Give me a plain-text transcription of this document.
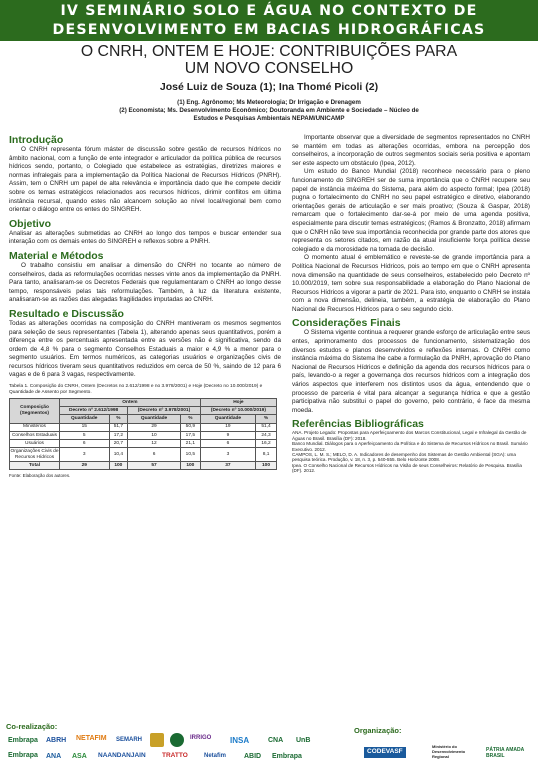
IV SEMINÁRIO SOLO E ÁGUA NO CONTEXTO DE
DESENVOLVIMENTO EM BACIAS HIDROGRÁFICAS
O CNRH, ONTEM E HOJE: CONTRIBUIÇÕES PARA
UM NOVO CONSELHO
José Luiz de Souza (1); Ina Thomé Picoli (2)
(1) Eng. Agrônomo; Ms Meteorologia; Dr Irrigação e Drenagem
(2) Economista; Ms. Desenvolvimento Econômico; Doutoranda em Ambiente e Sociedade – Núcleo de
Estudos e Pesquisas Ambientais NEPAM/UNICAMP
Introdução

O CNRH representa fórum máster de discussão sobre gestão de recursos hídricos no âmbito nacional, com a função de ente integrador e articulador da política pública de recursos hídricos sendo, portanto, o Colegiado que estabelece as estratégias, diretrizes maiores e normas infralegais para a implementação da Política Nacional de Recursos Hídricos (PNRH). Assim, tem o CNRH um papel de alta relevância e importância dado que lhe compete decidir sobre os temas estratégicos relacionados aos recursos hídricos, dirimir conflitos em última instância recursal, quando estes não alcancem solução ao nível local/regional bem como orientar o diálogo entre os entes do SINGREH.

Objetivo

Analisar as alterações submetidas ao CNRH ao longo dos tempos e buscar entender sua interação com os demais entes do SINGREH e reflexos sobre a PNRH.

Material e Métodos

O trabalho consistiu em analisar a dimensão do CNRH no tocante ao número de conselheiros, dada as reformulações ocorridas nesses vinte anos da implementação da PNRH. Para tanto, analisaram-se os Decretos Federais que regulamentaram o CNRH ao longo desse tempo, responsáveis pelas tais reformulações. Também, à luz da literatura existente, analisaram-se as razões das alegadas fragilidades imputadas ao CNRH.

Resultado e Discussão

Todas as alterações ocorridas na composição do CNRH mantiveram os mesmos segmentos para seleção de seus representantes (Tabela 1), alterando apenas seus quantitativos, porém a diferença entre os percentuais apresentada entre as versões não é significativa, sendo da ordem de 4,8 % para o segmento Conselhos Estaduais a maior e 4,9 % a menor para o segmento usuários. Em termos numéricos, as categorias usuários e organizações civis de recursos hídricos tiveram seus quantitativos reduzidos em cerca de 50 %, saindo de 12 para 6 vagas e de 6 para 3 vagas, respectivamente.

Tabela 1. Composição do CNRH, Ontem (Decretos no 2.612/1998 e no 3.978/2001) e Hoje (Decreto no 10.000/2019) e Quantidade de Assento por Segmento.
Composição (Segmentos)	Ontem				Hoje	
	Decreto nº 2.612/1998		(Decreto nº 3.978/2001)		(Decreto nº 10.000/2019)	
	Quantidade	%	Quantidade	%	Quantidade	%
Ministérios	15	51,7	29	50,9	19	51,4
Conselhos Estaduais	5	17,2	10	17,5	9	24,3
Usuários	6	20,7	12	21,1	6	16,2
Organizações Civis de Recursos Hídricos	3	10,4	6	10,5	3	8,1
Total	29	100	57	100	37	100
Fonte: Elaboração dos autores.

Importante observar que a diversidade de segmentos representados no CNRH se mantém em todas as alterações ocorridas, embora na percepção dos conselheiros, a incorporação de outros segmentos sociais seria positiva e apontam ser este aspecto um obstáculo (Ipea, 2012).

Um estudo do Banco Mundial (2018) reconhece necessário para o pleno funcionamento do SINGREH ser de suma importância que o CNRH recupere seu papel de instância máxima do Sistema, para além do aspecto formal; Ipea (2018) pugna o fortalecimento do CNRH no seu papel estratégico e diretivo, elaborando orientações gerais de articulação e ser mais proativo; (Souza & Gaspar, 2018) remarcam que o fortalecimento dar-se-á por meio de uma agenda positiva, especialmente para discutir temas estratégicos; (Ramos & Bronzatto, 2018) afirmam que o CNRH não teve sua importância reconhecida por grande parte dos atores que representa os setores citados, em razão da atual insuficiente força política desse colegiado e da morosidade na tomada de decisão.

O momento atual é emblemático e reveste-se de grande importância para a Política Nacional de Recursos Hídricos, pois ao tempo em que o CNRH apresenta nova dimensão na quantidade de seus conselheiros, estabelecido pelo Decreto nº 10.000/2019, tem sobre sua responsabilidade a elaboração do Plano Nacional de Recursos Hídricos a vigorar a partir de 2021. Para isto, enquanto o CNRH se instala com a nova dimensão, delineia, também, a estratégia de elaboração do Plano Nacional de Recursos Hídricos para o seu segundo ciclo.

Considerações Finais

O Sistema vigente continua a requerer grande esforço de articulação entre seus entes, aprimoramento dos processos de funcionamento, sistematização dos diversos estudos e planos desenvolvidos e reflexões internas. O CNRH como instância máxima do Sistema lhe cabe a formulação da PNRH, aprovação do Plano Nacional de Recursos Hídricos e definição da agenda dos recursos hídricos para o país, levando-o a reger a governança dos recursos hídricos com a integração dos vários aspectos que interferem nos distintos usos da água, entendendo que o processo de parceria é vital para alcançar a segurança hídrica e que a gestão participativa não substitui o papel do governo, pelo contrário, é face da mesma moeda.

Referências Bibliográficas
ANA. Projeto Legado: Propostas para Aperfeiçoamento dos Marcos Constitucional, Legal e Infralegal da Gestão de Águas no Brasil. Brasília (DF): 2018.
Banco Mundial. Diálogos para o Aperfeiçoamento da Política e do Sistema de Recursos Hídricos no Brasil. Sumário Executivo. 2012.
CAMPOS, L. M. S.; MELO, D. A. Indicadores de desempenho dos Sistemas de Gestão Ambiental (SGA): uma pesquisa teórica. Produção, v. 18, n. 3, p. 540-555. Belo Horizonte 2008.
Ipea. O Conselho Nacional de Recursos Hídricos na Visão de seus Conselheiros: Relatório de Pesquisa. Brasília (DF). 2012.
Co-realização:	Organização:
Embrapa ABRH NETAFIM SEMARH	IRRIGO INSA	CNA UnB
Embrapa ANA ASA NAANDANJAIN	TRATTO	Netafim	ABID Embrapa
CODEVASF
Ministério do Desenvolvimento Regional
PÁTRIA AMADA BRASIL
